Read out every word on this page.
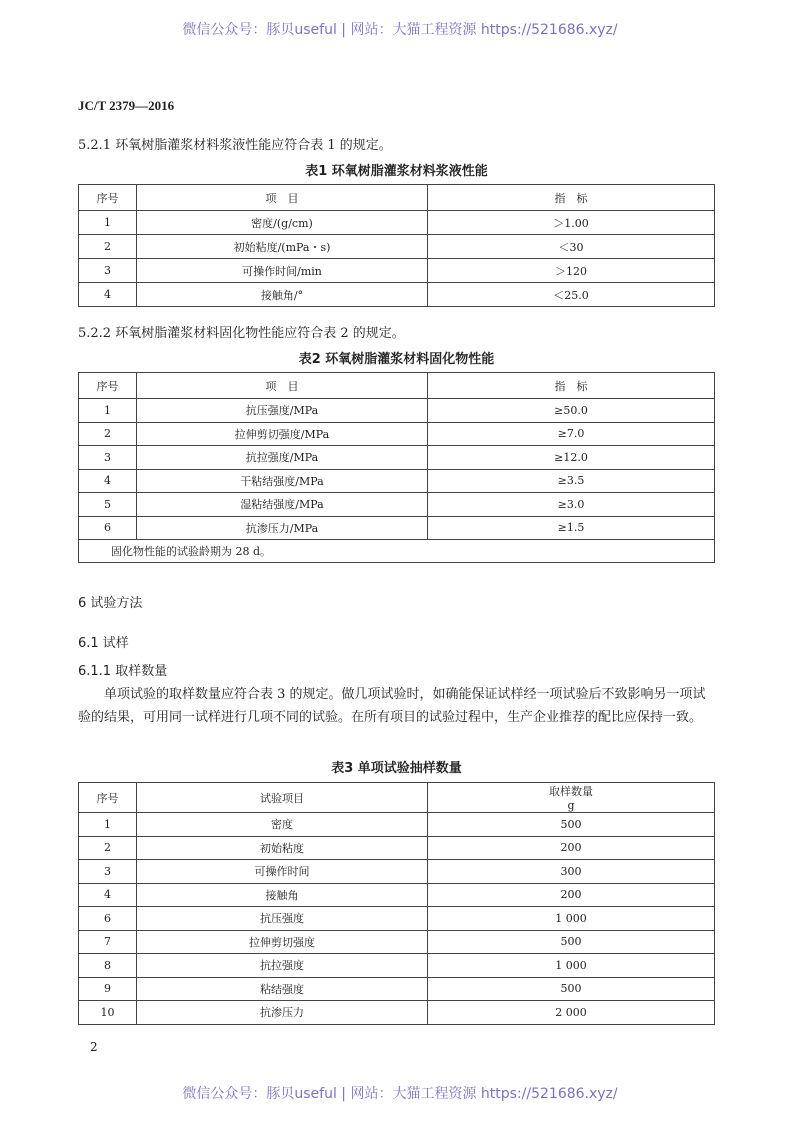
微信公众号：豚贝useful | 网站：大猫工程资源 https://521686.xyz/
JC/T 2379—2016
5.2.1 环氧树脂灌浆材料浆液性能应符合表 1 的规定。
表1 环氧树脂灌浆材料浆液性能
序号	项　目	指　标
1	密度/(g/cm)	＞1.00
2	初始粘度/(mPa・s)	＜30
3	可操作时间/min	＞120
4	接触角/°	＜25.0
5.2.2 环氧树脂灌浆材料固化物性能应符合表 2 的规定。
表2 环氧树脂灌浆材料固化物性能
序号	项　目	指　标
1	抗压强度/MPa	≥50.0
2	拉伸剪切强度/MPa	≥7.0
3	抗拉强度/MPa	≥12.0
4	干粘结强度/MPa	≥3.5
5	湿粘结强度/MPa	≥3.0
6	抗渗压力/MPa	≥1.5
固化物性能的试验龄期为 28 d。		
6 试验方法
6.1 试样
6.1.1 取样数量
单项试验的取样数量应符合表 3 的规定。做几项试验时，如确能保证试样经一项试验后不致影响另一项试验的结果，可用同一试样进行几项不同的试验。在所有项目的试验过程中，生产企业推荐的配比应保持一致。
表3 单项试验抽样数量
序号	试验项目	取样数量
g

1	密度	500
2	初始粘度	200
3	可操作时间	300
4	接触角	200
6	抗压强度	1 000
7	拉伸剪切强度	500
8	抗拉强度	1 000
9	粘结强度	500
10	抗渗压力	2 000
2
微信公众号：豚贝useful | 网站：大猫工程资源 https://521686.xyz/
